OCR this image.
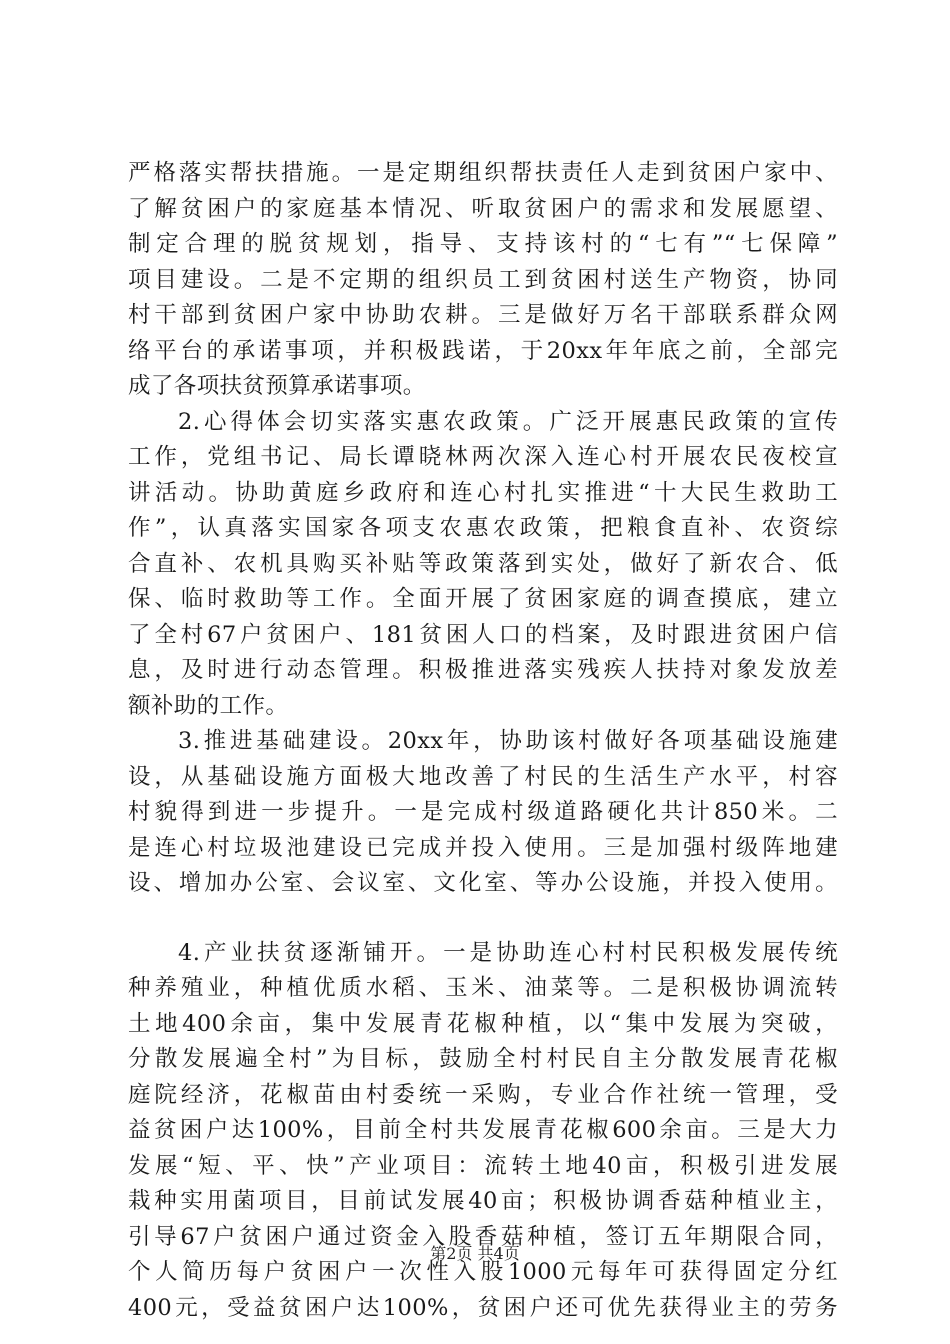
严格落实帮扶措施。一是定期组织帮扶责任人走到贫困户家中、
了解贫困户的家庭基本情况、听取贫困户的需求和发展愿望、
制定合理的脱贫规划，指导、支持该村的“七有”“七保障”
项目建设。二是不定期的组织员工到贫困村送生产物资，协同
村干部到贫困户家中协助农耕。三是做好万名干部联系群众网
络平台的承诺事项，并积极践诺，于20xx年年底之前，全部完
成了各项扶贫预算承诺事项。
2.心得体会切实落实惠农政策。广泛开展惠民政策的宣传
工作，党组书记、局长谭晓林两次深入连心村开展农民夜校宣
讲活动。协助黄庭乡政府和连心村扎实推进“十大民生救助工
作”，认真落实国家各项支农惠农政策，把粮食直补、农资综
合直补、农机具购买补贴等政策落到实处，做好了新农合、低
保、临时救助等工作。全面开展了贫困家庭的调查摸底，建立
了全村67户贫困户、181贫困人口的档案，及时跟进贫困户信
息，及时进行动态管理。积极推进落实残疾人扶持对象发放差
额补助的工作。
3.推进基础建设。20xx年，协助该村做好各项基础设施建
设，从基础设施方面极大地改善了村民的生活生产水平，村容
村貌得到进一步提升。一是完成村级道路硬化共计850米。二
是连心村垃圾池建设已完成并投入使用。三是加强村级阵地建
设、增加办公室、会议室、文化室、等办公设施，并投入使用。
4.产业扶贫逐渐铺开。一是协助连心村村民积极发展传统
种养殖业，种植优质水稻、玉米、油菜等。二是积极协调流转
土地400余亩，集中发展青花椒种植，以“集中发展为突破，
分散发展遍全村”为目标，鼓励全村村民自主分散发展青花椒
庭院经济，花椒苗由村委统一采购，专业合作社统一管理，受
益贫困户达100%，目前全村共发展青花椒600余亩。三是大力
发展“短、平、快”产业项目：流转土地40亩，积极引进发展
栽种实用菌项目，目前试发展40亩；积极协调香菇种植业主，
引导67户贫困户通过资金入股香菇种植，签订五年期限合同，
个人简历每户贫困户一次性入股1000元每年可获得固定分红
400元，受益贫困户达100%，贫困户还可优先获得业主的劳务
第2页 共4页
